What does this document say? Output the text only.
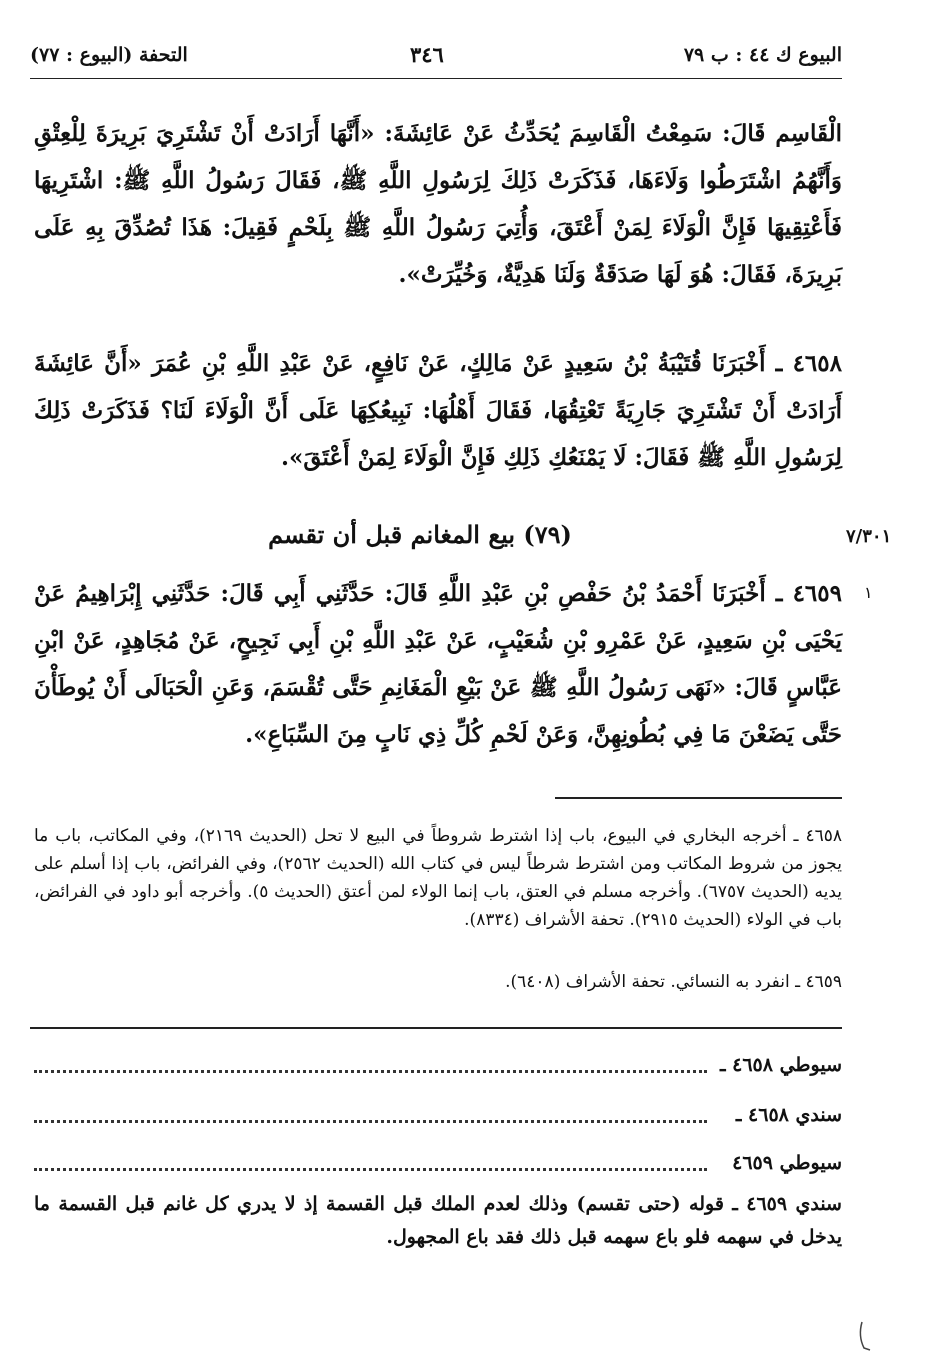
البيوع ك ٤٤ : ب ٧٩
٣٤٦
التحفة (البيوع : ٧٧)
الْقَاسِم قَالَ: سَمِعْتُ الْقَاسِمَ يُحَدِّثُ عَنْ عَائِشَةَ: «أَنَّهَا أَرَادَتْ أَنْ تَشْتَرِيَ بَرِيرَةَ لِلْعِتْقِ وَأَنَّهُمُ اشْتَرَطُوا وَلَاءَهَا، فَذَكَرَتْ ذَلِكَ لِرَسُولِ اللَّهِ ﷺ، فَقَالَ رَسُولُ اللَّهِ ﷺ: اشْتَرِيهَا فَأَعْتِقِيهَا فَإِنَّ الْوَلَاءَ لِمَنْ أَعْتَقَ، وَأُتِيَ رَسُولُ اللَّهِ ﷺ بِلَحْمٍ فَقِيلَ: هَذَا تُصُدِّقَ بِهِ عَلَى بَرِيرَةَ، فَقَالَ: هُوَ لَهَا صَدَقَةٌ وَلَنَا هَدِيَّةٌ، وَخُيِّرَتْ».
٤٦٥٨ ـ أَخْبَرَنَا قُتَيْبَةُ بْنُ سَعِيدٍ عَنْ مَالِكٍ، عَنْ نَافِعٍ، عَنْ عَبْدِ اللَّهِ بْنِ عُمَرَ «أَنَّ عَائِشَةَ أَرَادَتْ أَنْ تَشْتَرِيَ جَارِيَةً تَعْتِقُهَا، فَقَالَ أَهْلُهَا: نَبِيعُكِهَا عَلَى أَنَّ الْوَلَاءَ لَنَا؟ فَذَكَرَتْ ذَلِكَ لِرَسُولِ اللَّهِ ﷺ فَقَالَ: لَا يَمْنَعُكِ ذَلِكِ فَإِنَّ الْوَلَاءَ لِمَنْ أَعْتَقَ».
٧/٣٠١
(٧٩) بيع المغانم قبل أن تقسم
١
٤٦٥٩ ـ أَخْبَرَنَا أَحْمَدُ بْنُ حَفْصِ بْنِ عَبْدِ اللَّهِ قَالَ: حَدَّثَنِي أَبِي قَالَ: حَدَّثَنِي إِبْرَاهِيمُ عَنْ يَحْيَى بْنِ سَعِيدٍ، عَنْ عَمْرِو بْنِ شُعَيْبٍ، عَنْ عَبْدِ اللَّهِ بْنِ أَبِي نَجِيحٍ، عَنْ مُجَاهِدٍ، عَنْ ابْنِ عَبَّاسٍ قَالَ: «نَهَى رَسُولُ اللَّهِ ﷺ عَنْ بَيْعِ الْمَغَانِمِ حَتَّى تُقْسَمَ، وَعَنِ الْحَبَالَى أَنْ يُوطَأْنَ حَتَّى يَضَعْنَ مَا فِي بُطُونِهِنَّ، وَعَنْ لَحْمِ كُلِّ ذِي نَابٍ مِنَ السِّبَاعِ».
٤٦٥٨ ـ أخرجه البخاري في البيوع، باب إذا اشترط شروطاً في البيع لا تحل (الحديث ٢١٦٩)، وفي المكاتب، باب ما يجوز من شروط المكاتب ومن اشترط شرطاً ليس في كتاب الله (الحديث ٢٥٦٢)، وفي الفرائض، باب إذا أسلم على يديه (الحديث ٦٧٥٧). وأخرجه مسلم في العتق، باب إنما الولاء لمن أعتق (الحديث ٥). وأخرجه أبو داود في الفرائض، باب في الولاء (الحديث ٢٩١٥). تحفة الأشراف (٨٣٣٤).
٤٦٥٩ ـ انفرد به النسائي. تحفة الأشراف (٦٤٠٨).
سيوطي ٤٦٥٨ ـ
سندي ٤٦٥٨ ـ
سيوطي ٤٦٥٩
سندي ٤٦٥٩ ـ قوله (حتى تقسم) وذلك لعدم الملك قبل القسمة إذ لا يدري كل غانم قبل القسمة ما يدخل في سهمه فلو باع سهمه قبل ذلك فقد باع المجهول.
